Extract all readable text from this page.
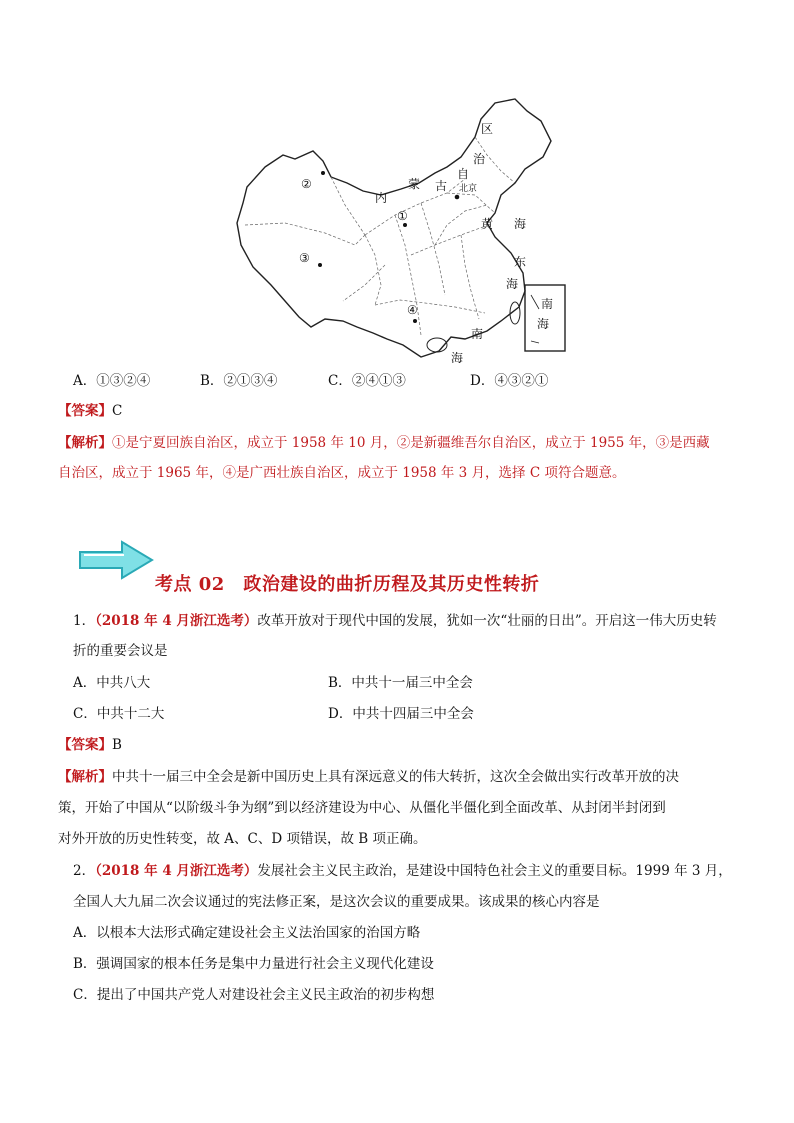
区
治
自
古 北京
蒙
内
黄 海
东
海
南
海
南
海
②
③
①
④
A．①③②④	B．②①③④	C．②④①③	D．④③②①
【答案】C
【解析】①是宁夏回族自治区，成立于 1958 年 10 月，②是新疆维吾尔自治区，成立于 1955 年，③是西藏
自治区，成立于 1965 年，④是广西壮族自治区，成立于 1958 年 3 月，选择 C 项符合题意。
考点 02　政治建设的曲折历程及其历史性转折
1．（2018 年 4 月浙江选考）改革开放对于现代中国的发展，犹如一次“壮丽的日出”。开启这一伟大历史转
折的重要会议是
A．中共八大	B．中共十一届三中全会
C．中共十二大	D．中共十四届三中全会
【答案】B
【解析】中共十一届三中全会是新中国历史上具有深远意义的伟大转折，这次全会做出实行改革开放的决
策，开始了中国从“以阶级斗争为纲”到以经济建设为中心、从僵化半僵化到全面改革、从封闭半封闭到
对外开放的历史性转变，故 A、C、D 项错误，故 B 项正确。
2．（2018 年 4 月浙江选考）发展社会主义民主政治，是建设中国特色社会主义的重要目标。1999 年 3 月，
全国人大九届二次会议通过的宪法修正案，是这次会议的重要成果。该成果的核心内容是
A．以根本大法形式确定建设社会主义法治国家的治国方略
B．强调国家的根本任务是集中力量进行社会主义现代化建设
C．提出了中国共产党人对建设社会主义民主政治的初步构想
